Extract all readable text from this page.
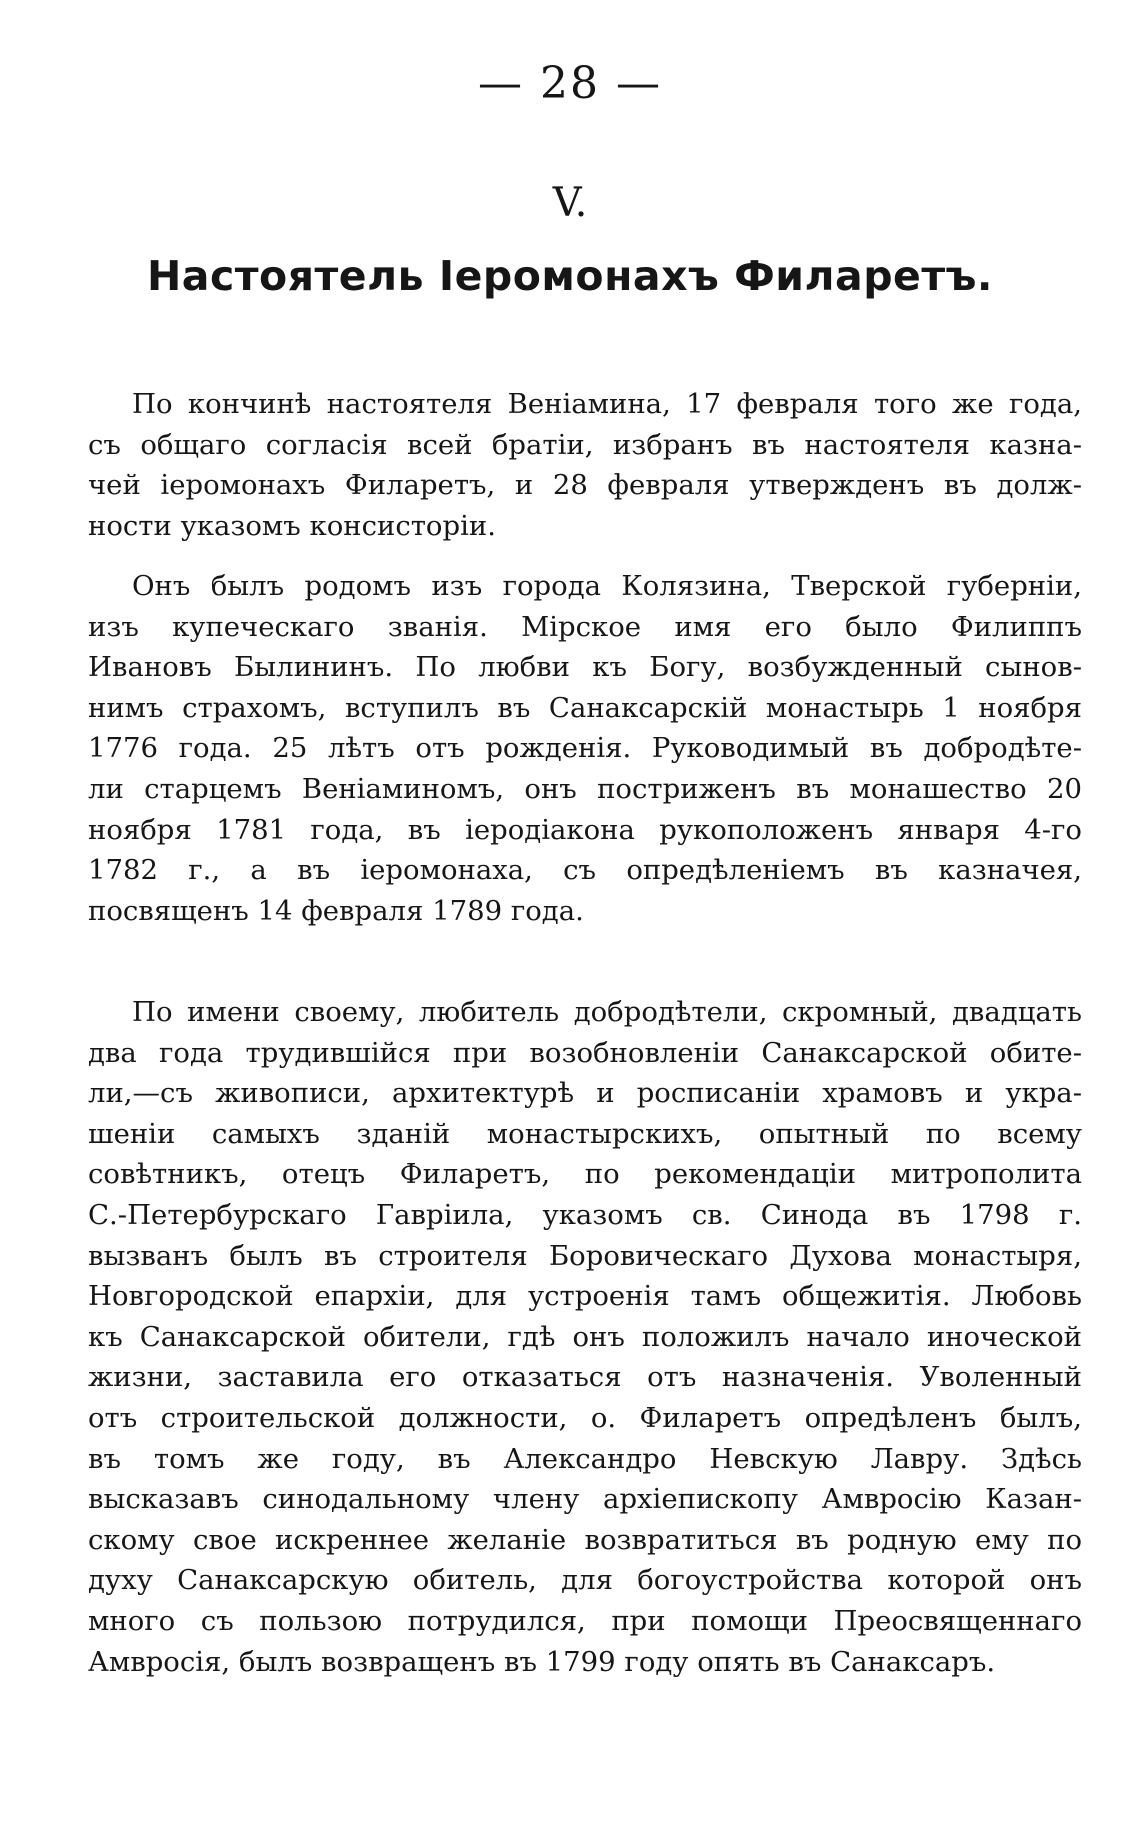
— 28 —
V.
Настоятель Іеромонахъ Филаретъ.
По кончинѣ настоятеля Веніамина, 17 февраля того же года,
съ общаго согласія всей братіи, избранъ въ настоятеля казна-
чей іеромонахъ Филаретъ, и 28 февраля утвержденъ въ долж-
ности указомъ консисторіи.
Онъ былъ родомъ изъ города Колязина, Тверской губерніи,
изъ купеческаго званія. Мірское имя его было Филиппъ
Ивановъ Былининъ. По любви къ Богу, возбужденный сынов-
нимъ страхомъ, вступилъ въ Санаксарскій монастырь 1 ноября
1776 года. 25 лѣтъ отъ рожденія. Руководимый въ добродѣте-
ли старцемъ Веніаминомъ, онъ постриженъ въ монашество 20
ноября 1781 года, въ іеродіакона рукоположенъ января 4-го
1782 г., а въ іеромонаха, съ опредѣленіемъ въ казначея,
посвященъ 14 февраля 1789 года.
По имени своему, любитель добродѣтели, скромный, двадцать
два года трудившійся при возобновленіи Санаксарской обите-
ли,—съ живописи, архитектурѣ и росписаніи храмовъ и укра-
шеніи самыхъ зданій монастырскихъ, опытный по всему
совѣтникъ, отецъ Филаретъ, по рекомендаціи митрополита
С.-Петербурскаго Гавріила, указомъ св. Синода въ 1798 г.
вызванъ былъ въ строителя Боровическаго Духова монастыря,
Новгородской епархіи, для устроенія тамъ общежитія. Любовь
къ Санаксарской обители, гдѣ онъ положилъ начало иноческой
жизни, заставила его отказаться отъ назначенія. Уволенный
отъ строительской должности, о. Филаретъ опредѣленъ былъ,
въ томъ же году, въ Александро Невскую Лавру. Здѣсь
высказавъ синодальному члену архіепископу Амвросію Казан-
скому свое искреннее желаніе возвратиться въ родную ему по
духу Санаксарскую обитель, для богоустройства которой онъ
много съ пользою потрудился, при помощи Преосвященнаго
Амвросія, былъ возвращенъ въ 1799 году опять въ Санаксаръ.
